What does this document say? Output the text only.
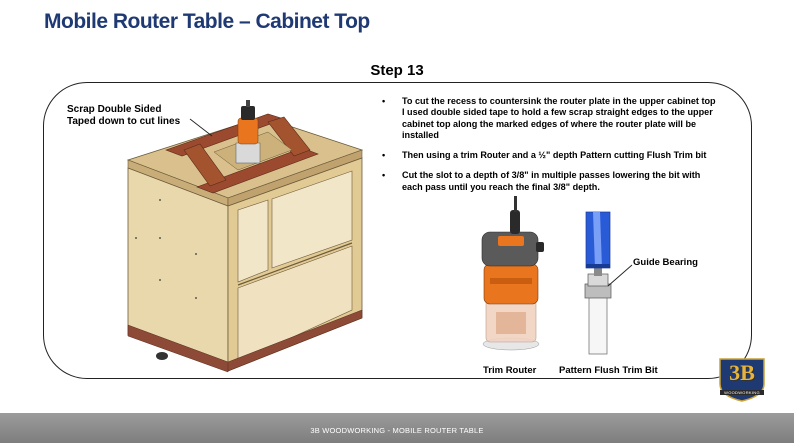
Mobile Router Table – Cabinet Top
Step 13
Scrap Double Sided
Taped down to cut lines
• To cut the recess to countersink the router plate in the upper cabinet top I used double sided tape to hold a few scrap straight edges to the upper cabinet top along the marked edges of where the router plate will be installed
• Then using a trim Router and a ½" depth Pattern cutting Flush Trim bit
• Cut the slot to a depth of 3/8" in multiple passes lowering the bit with each pass until you reach the final 3/8" depth.
Guide Bearing
Trim Router Pattern Flush Trim Bit	3B
WOODWORKING
3B WOODWORKING - MOBILE ROUTER TABLE
